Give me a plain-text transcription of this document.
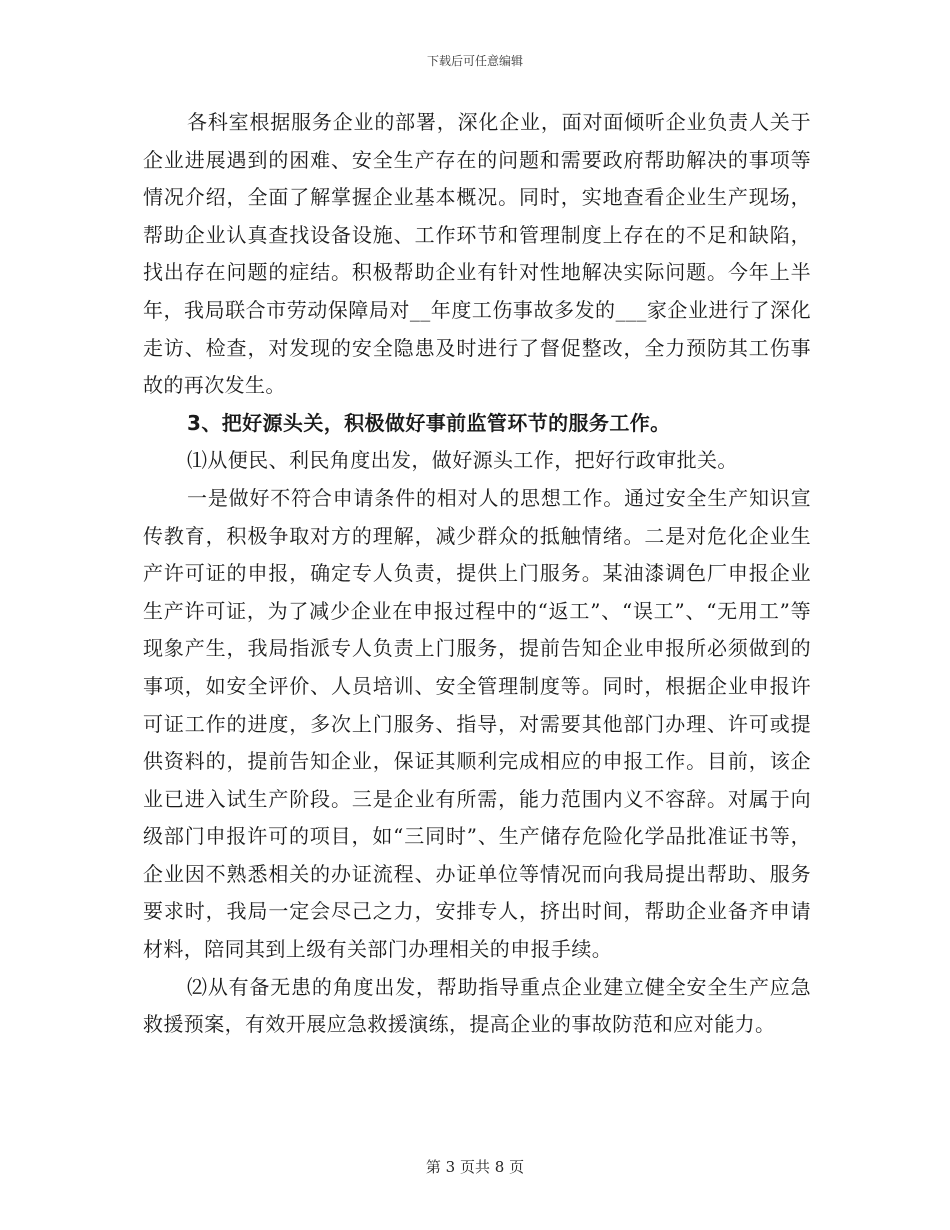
下载后可任意编辑

各科室根据服务企业的部署，深化企业，面对面倾听企业负责人关于企业进展遇到的困难、安全生产存在的问题和需要政府帮助解决的事项等情况介绍，全面了解掌握企业基本概况。同时，实地查看企业生产现场，帮助企业认真查找设备设施、工作环节和管理制度上存在的不足和缺陷，找出存在问题的症结。积极帮助企业有针对性地解决实际问题。今年上半年，我局联合市劳动保障局对__年度工伤事故多发的___家企业进行了深化走访、检查，对发现的安全隐患及时进行了督促整改，全力预防其工伤事故的再次发生。

3、把好源头关，积极做好事前监管环节的服务工作。

⑴从便民、利民角度出发，做好源头工作，把好行政审批关。

一是做好不符合申请条件的相对人的思想工作。通过安全生产知识宣传教育，积极争取对方的理解，减少群众的抵触情绪。二是对危化企业生产许可证的申报，确定专人负责，提供上门服务。某油漆调色厂申报企业生产许可证，为了减少企业在申报过程中的“返工”、“误工”、“无用工”等现象产生，我局指派专人负责上门服务，提前告知企业申报所必须做到的事项，如安全评价、人员培训、安全管理制度等。同时，根据企业申报许可证工作的进度，多次上门服务、指导，对需要其他部门办理、许可或提供资料的，提前告知企业，保证其顺利完成相应的申报工作。目前，该企业已进入试生产阶段。三是企业有所需，能力范围内义不容辞。对属于向级部门申报许可的项目，如“三同时”、生产储存危险化学品批准证书等，企业因不熟悉相关的办证流程、办证单位等情况而向我局提出帮助、服务要求时，我局一定会尽己之力，安排专人，挤出时间，帮助企业备齐申请材料，陪同其到上级有关部门办理相关的申报手续。

⑵从有备无患的角度出发，帮助指导重点企业建立健全安全生产应急救援预案，有效开展应急救援演练，提高企业的事故防范和应对能力。

第 3 页共 8 页
